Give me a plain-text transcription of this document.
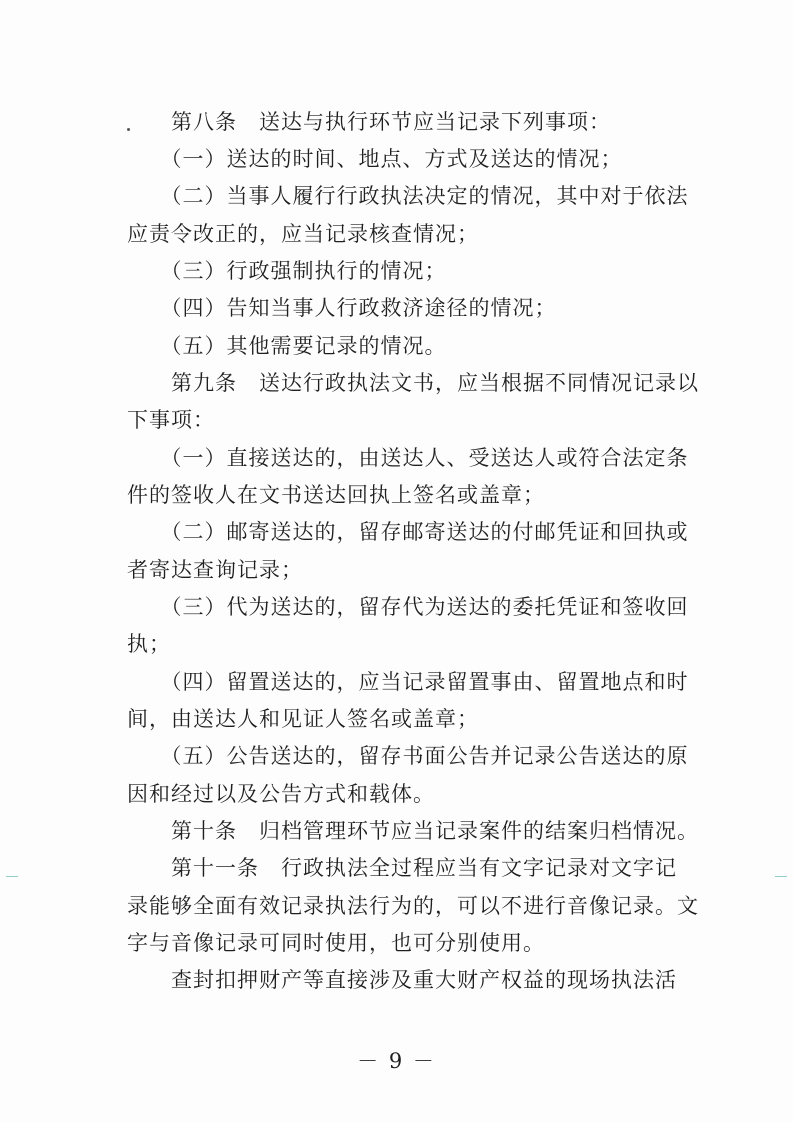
　　第八条　送达与执行环节应当记录下列事项：
　　（一）送达的时间、地点、方式及送达的情况；
　　（二）当事人履行行政执法决定的情况，其中对于依法
应责令改正的，应当记录核查情况；
　　（三）行政强制执行的情况；
　　（四）告知当事人行政救济途径的情况；
　　（五）其他需要记录的情况。
　　第九条　送达行政执法文书，应当根据不同情况记录以
下事项：
　　（一）直接送达的，由送达人、受送达人或符合法定条
件的签收人在文书送达回执上签名或盖章；
　　（二）邮寄送达的，留存邮寄送达的付邮凭证和回执或
者寄达查询记录；
　　（三）代为送达的，留存代为送达的委托凭证和签收回
执；
　　（四）留置送达的，应当记录留置事由、留置地点和时
间，由送达人和见证人签名或盖章；
　　（五）公告送达的，留存书面公告并记录公告送达的原
因和经过以及公告方式和载体。
　　第十条　归档管理环节应当记录案件的结案归档情况。
　　第十一条　行政执法全过程应当有文字记录对文字记
录能够全面有效记录执法行为的，可以不进行音像记录。文
字与音像记录可同时使用，也可分别使用。
　　查封扣押财产等直接涉及重大财产权益的现场执法活
－ 9 －
